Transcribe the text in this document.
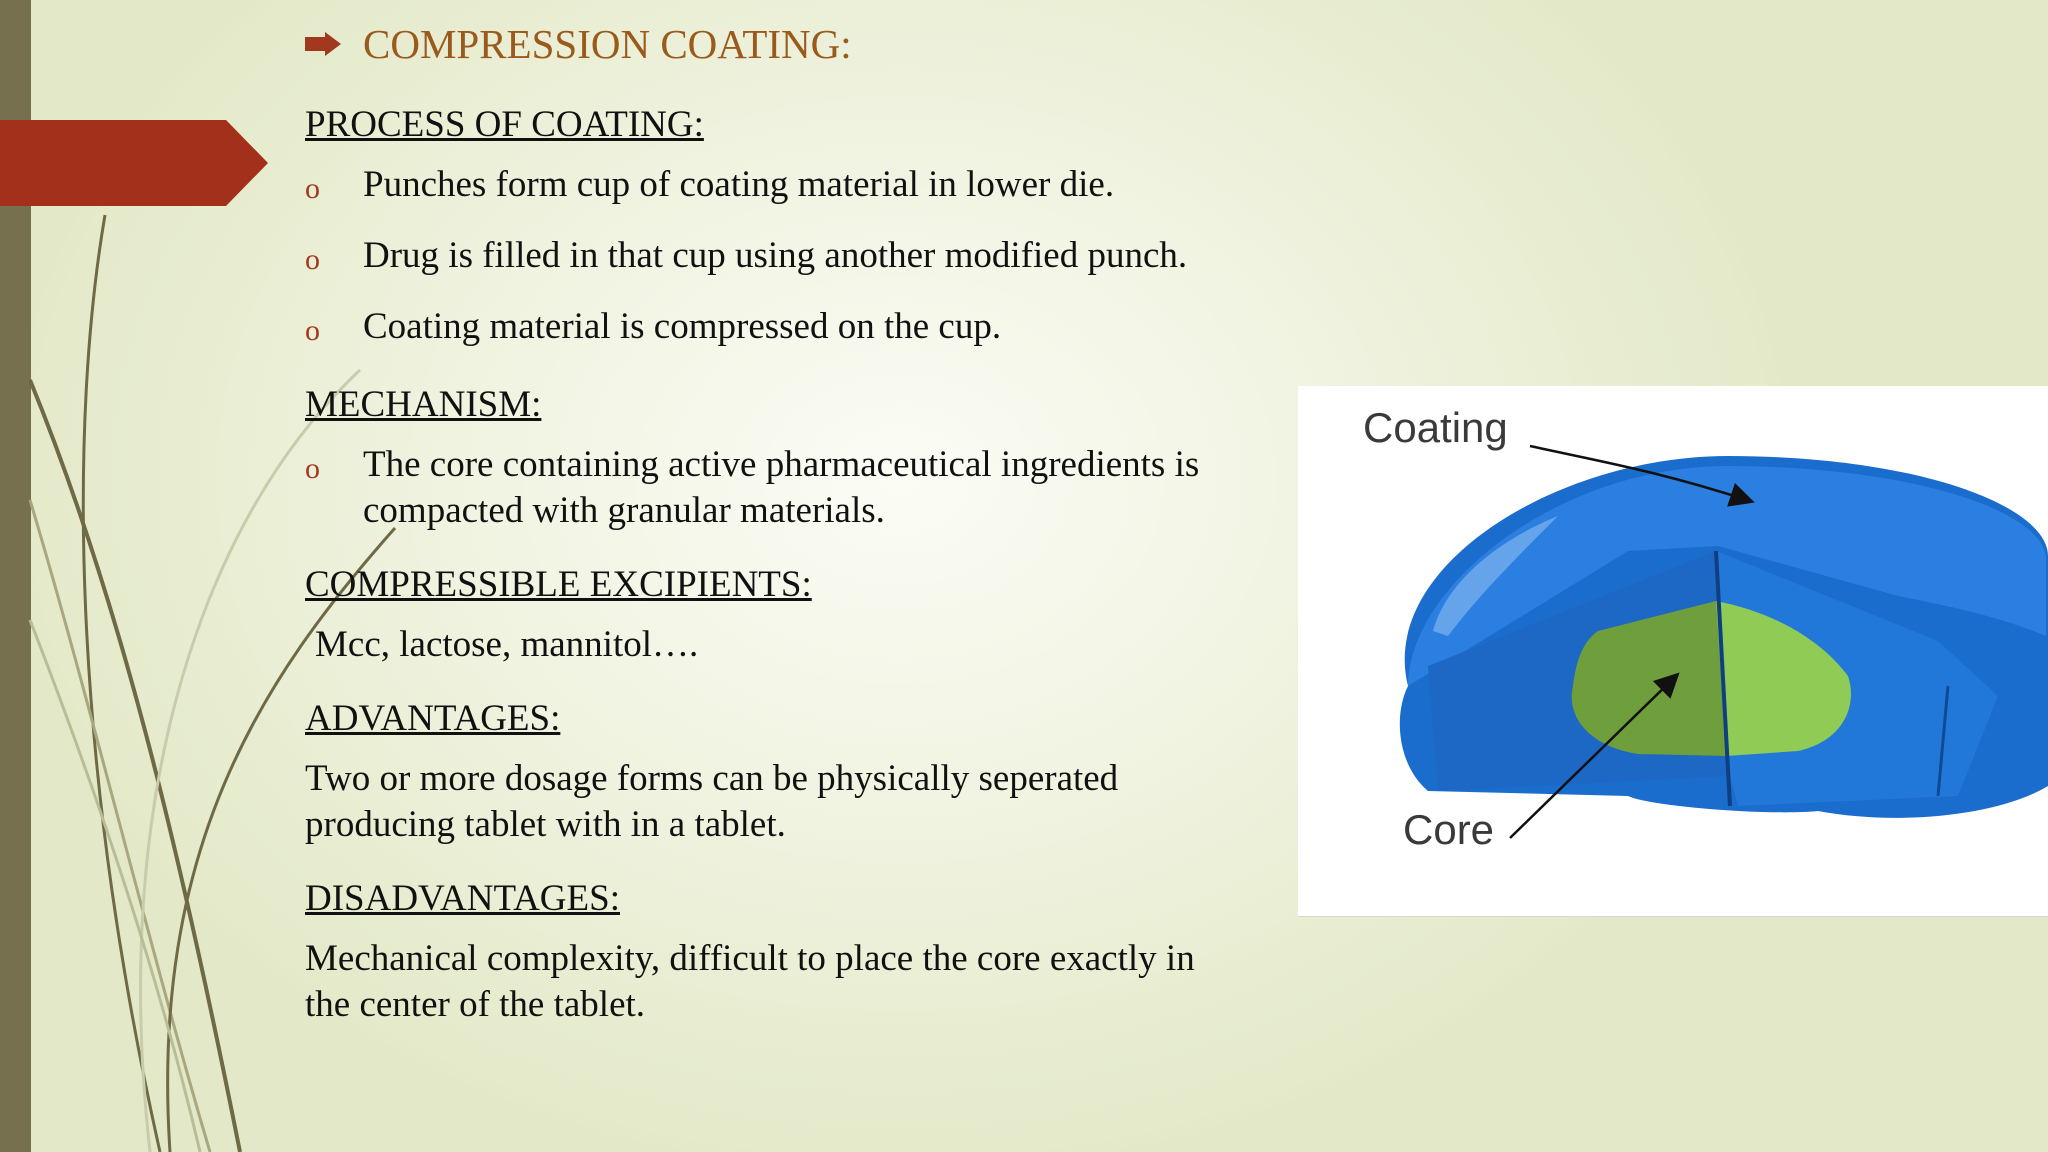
COMPRESSION COATING:

PROCESS OF COATING:

o	Punches form cup of coating material in lower die.
o	Drug is filled in that cup using another modified punch.
o	Coating material is compressed on the cup.

MECHANISM:

o	The core containing active pharmaceutical ingredients is compacted with granular materials.

COMPRESSIBLE EXCIPIENTS:

Mcc, lactose, mannitol….

ADVANTAGES:

Two or more dosage forms can be physically seperated producing tablet with in a tablet.

DISADVANTAGES:

Mechanical complexity, difficult to place the core exactly in the center of the tablet.
Coating
Core
